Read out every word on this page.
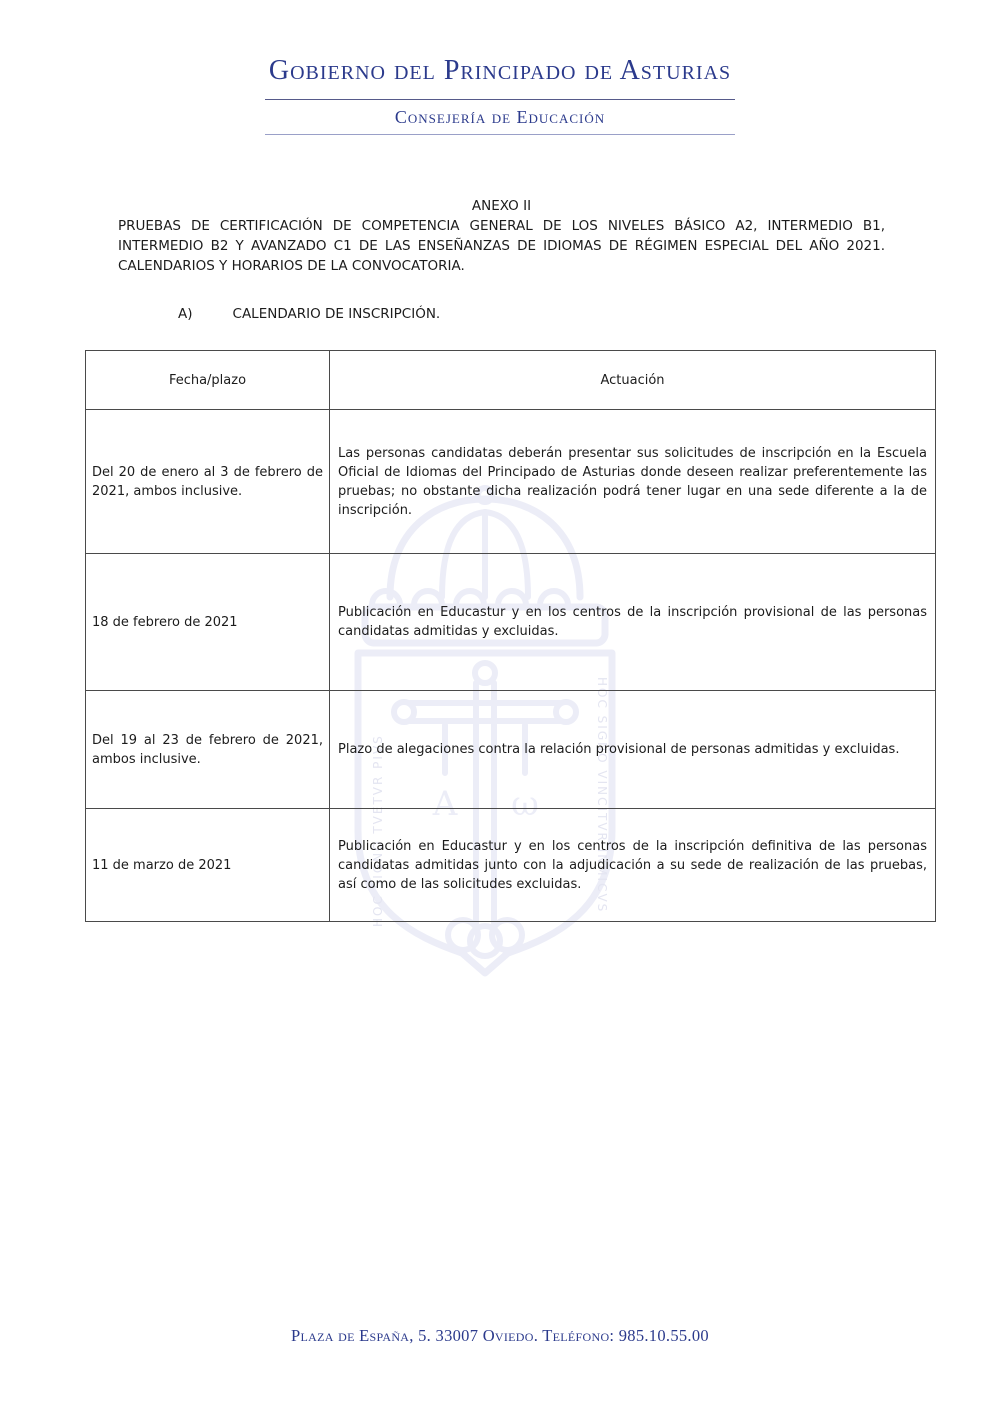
Α ω
HOC SIGNO TVETVR PIVS	HOC SIGNO VINCITVR INMICVS
Gobierno del Principado de Asturias
Consejería de Educación
ANEXO II

PRUEBAS DE CERTIFICACIÓN DE COMPETENCIA GENERAL DE LOS NIVELES BÁSICO A2, INTERMEDIO B1, INTERMEDIO B2 Y AVANZADO C1 DE LAS ENSEÑANZAS DE IDIOMAS DE RÉGIMEN ESPECIAL DEL AÑO 2021. CALENDARIOS Y HORARIOS DE LA CONVOCATORIA.

A)	CALENDARIO DE INSCRIPCIÓN.
Fecha/plazo	Actuación
Del 20 de enero al 3 de febrero de 2021, ambos inclusive.	Las personas candidatas deberán presentar sus solicitudes de inscripción en la Escuela Oficial de Idiomas del Principado de Asturias donde deseen realizar preferentemente las pruebas; no obstante dicha realización podrá tener lugar en una sede diferente a la de inscripción.
18 de febrero de 2021	Publicación en Educastur y en los centros de la inscripción provisional de las personas candidatas admitidas y excluidas.
Del 19 al 23 de febrero de 2021, ambos inclusive.	Plazo de alegaciones contra la relación provisional de personas admitidas y excluidas.
11 de marzo de 2021	Publicación en Educastur y en los centros de la inscripción definitiva de las personas candidatas admitidas junto con la adjudicación a su sede de realización de las pruebas, así como de las solicitudes excluidas.
Plaza de España, 5. 33007 Oviedo. Teléfono: 985.10.55.00
